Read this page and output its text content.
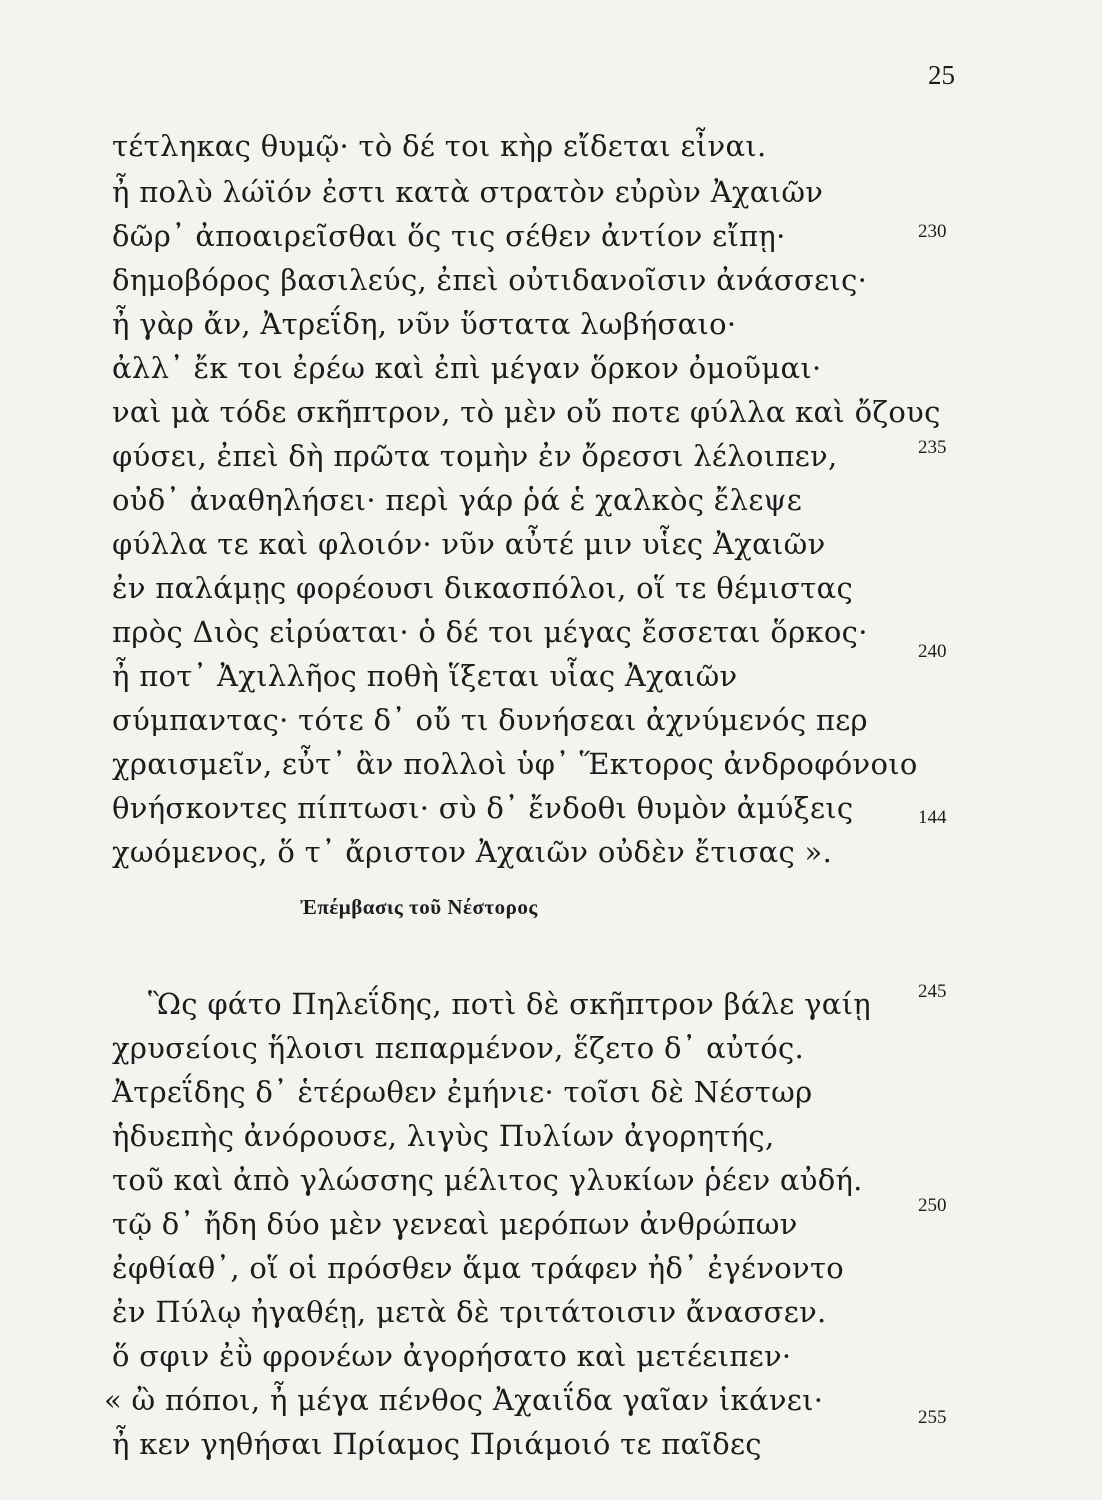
25
τέτληκας θυμῷ· τὸ δέ τοι κὴρ εἴδεται εἶναι.
ἦ πολὺ λώϊόν ἐστι κατὰ στρατὸν εὐρὺν Ἀχαιῶν
δῶρ᾽ ἀποαιρεῖσθαι ὅς τις σέθεν ἀντίον εἴπῃ·	230
δημοβόρος βασιλεύς, ἐπεὶ οὐτιδανοῖσιν ἀνάσσεις·
ἦ γὰρ ἄν, Ἀτρεΐδη, νῦν ὕστατα λωβήσαιο·
ἀλλ᾽ ἔκ τοι ἐρέω καὶ ἐπὶ μέγαν ὅρκον ὀμοῦμαι·
ναὶ μὰ τόδε σκῆπτρον, τὸ μὲν οὔ ποτε φύλλα καὶ ὄζους
φύσει, ἐπεὶ δὴ πρῶτα τομὴν ἐν ὄρεσσι λέλοιπεν,	235
οὐδ᾽ ἀναθηλήσει· περὶ γάρ ῥά ἑ χαλκὸς ἔλεψε
φύλλα τε καὶ φλοιόν· νῦν αὖτέ μιν υἷες Ἀχαιῶν
ἐν παλάμῃς φορέουσι δικασπόλοι, οἵ τε θέμιστας
πρὸς Διὸς εἰρύαται· ὁ δέ τοι μέγας ἔσσεται ὅρκος·
ἦ ποτ᾽ Ἀχιλλῆος ποθὴ ἵξεται υἷας Ἀχαιῶν
240
σύμπαντας· τότε δ᾽ οὔ τι δυνήσεαι ἀχνύμενός περ
χραισμεῖν, εὖτ᾽ ἂν πολλοὶ ὑφ᾽ Ἕκτορος ἀνδροφόνοιο
θνήσκοντες πίπτωσι· σὺ δ᾽ ἔνδοθι θυμὸν ἀμύξεις
χωόμενος, ὅ τ᾽ ἄριστον Ἀχαιῶν οὐδὲν ἔτισας ».
144
Ἐπέμβασις τοῦ Νέστορος
Ὣς φάτο Πηλεΐδης, ποτὶ δὲ σκῆπτρον βάλε γαίῃ 245
χρυσείοις ἥλοισι πεπαρμένον, ἕζετο δ᾽ αὐτός.
Ἀτρεΐδης δ᾽ ἑτέρωθεν ἐμήνιε· τοῖσι δὲ Νέστωρ
ἡδυεπὴς ἀνόρουσε, λιγὺς Πυλίων ἀγορητής,
τοῦ καὶ ἀπὸ γλώσσης μέλιτος γλυκίων ῥέεν αὐδή.
τῷ δ᾽ ἤδη δύο μὲν γενεαὶ μερόπων ἀνθρώπων
250
ἐφθίαθ᾽, οἵ οἱ πρόσθεν ἅμα τράφεν ἠδ᾽ ἐγένοντο
ἐν Πύλῳ ἠγαθέῃ, μετὰ δὲ τριτάτοισιν ἄνασσεν.
ὅ σφιν ἐῢ φρονέων ἀγορήσατο καὶ μετέειπεν·
« ὢ πόποι, ἦ μέγα πένθος Ἀχαιΐδα γαῖαν ἱκάνει·
ἦ κεν γηθήσαι Πρίαμος Πριάμοιό τε παῖδες
255
